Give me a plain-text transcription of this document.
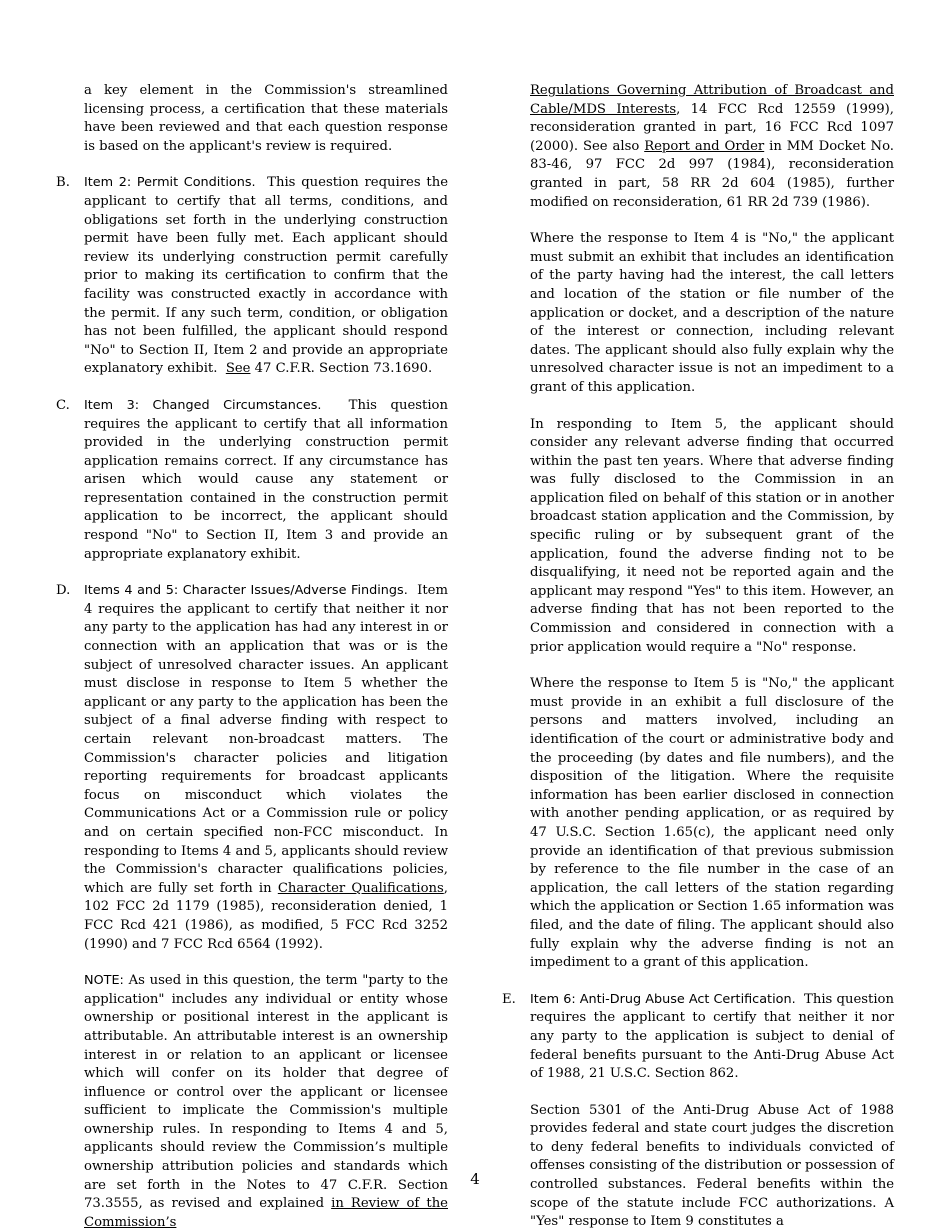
a key element in the Commission's streamlined licensing process, a certification that these materials have been reviewed and that each question response is based on the applicant's review is required.

B.	Item 2: Permit Conditions. This question requires the applicant to certify that all terms, conditions, and obligations set forth in the underlying construction permit have been fully met. Each applicant should review its underlying construction permit carefully prior to making its certification to confirm that the facility was constructed exactly in accordance with the permit. If any such term, condition, or obligation has not been fulfilled, the applicant should respond "No" to Section II, Item 2 and provide an appropriate explanatory exhibit. See 47 C.F.R. Section 73.1690.

C.	Item 3: Changed Circumstances. This question requires the applicant to certify that all information provided in the underlying construction permit application remains correct. If any circumstance has arisen which would cause any statement or representation contained in the construction permit application to be incorrect, the applicant should respond "No" to Section II, Item 3 and provide an appropriate explanatory exhibit.

D.	Items 4 and 5: Character Issues/Adverse Findings. Item 4 requires the applicant to certify that neither it nor any party to the application has had any interest in or connection with an application that was or is the subject of unresolved character issues. An applicant must disclose in response to Item 5 whether the applicant or any party to the application has been the subject of a final adverse finding with respect to certain relevant non-broadcast matters. The Commission's character policies and litigation reporting requirements for broadcast applicants focus on misconduct which violates the Communications Act or a Commission rule or policy and on certain specified non-FCC misconduct. In responding to Items 4 and 5, applicants should review the Commission's character qualifications policies, which are fully set forth in Character Qualifications, 102 FCC 2d 1179 (1985), reconsideration denied, 1 FCC Rcd 421 (1986), as modified, 5 FCC Rcd 3252 (1990) and 7 FCC Rcd 6564 (1992).

NOTE: As used in this question, the term "party to the application" includes any individual or entity whose ownership or positional interest in the applicant is attributable. An attributable interest is an ownership interest in or relation to an applicant or licensee which will confer on its holder that degree of influence or control over the applicant or licensee sufficient to implicate the Commission's multiple ownership rules. In responding to Items 4 and 5, applicants should review the Commission’s multiple ownership attribution policies and standards which are set forth in the Notes to 47 C.F.R. Section 73.3555, as revised and explained in Review of the Commission’s

Regulations Governing Attribution of Broadcast and Cable/MDS Interests, 14 FCC Rcd 12559 (1999), reconsideration granted in part, 16 FCC Rcd 1097 (2000). See also Report and Order in MM Docket No. 83-46, 97 FCC 2d 997 (1984), reconsideration granted in part, 58 RR 2d 604 (1985), further modified on reconsideration, 61 RR 2d 739 (1986).

Where the response to Item 4 is "No," the applicant must submit an exhibit that includes an identification of the party having had the interest, the call letters and location of the station or file number of the application or docket, and a description of the nature of the interest or connection, including relevant dates. The applicant should also fully explain why the unresolved character issue is not an impediment to a grant of this application.

In responding to Item 5, the applicant should consider any relevant adverse finding that occurred within the past ten years. Where that adverse finding was fully disclosed to the Commission in an application filed on behalf of this station or in another broadcast station application and the Commission, by specific ruling or by subsequent grant of the application, found the adverse finding not to be disqualifying, it need not be reported again and the applicant may respond "Yes" to this item. However, an adverse finding that has not been reported to the Commission and considered in connection with a prior application would require a "No" response.

Where the response to Item 5 is "No," the applicant must provide in an exhibit a full disclosure of the persons and matters involved, including an identification of the court or administrative body and the proceeding (by dates and file numbers), and the disposition of the litigation. Where the requisite information has been earlier disclosed in connection with another pending application, or as required by 47 U.S.C. Section 1.65(c), the applicant need only provide an identification of that previous submission by reference to the file number in the case of an application, the call letters of the station regarding which the application or Section 1.65 information was filed, and the date of filing. The applicant should also fully explain why the adverse finding is not an impediment to a grant of this application.

E.	Item 6: Anti-Drug Abuse Act Certification. This question requires the applicant to certify that neither it nor any party to the application is subject to denial of federal benefits pursuant to the Anti-Drug Abuse Act of 1988, 21 U.S.C. Section 862.

Section 5301 of the Anti-Drug Abuse Act of 1988 provides federal and state court judges the discretion to deny federal benefits to individuals convicted of offenses consisting of the distribution or possession of controlled substances. Federal benefits within the scope of the statute include FCC authorizations. A "Yes" response to Item 9 constitutes a

4
